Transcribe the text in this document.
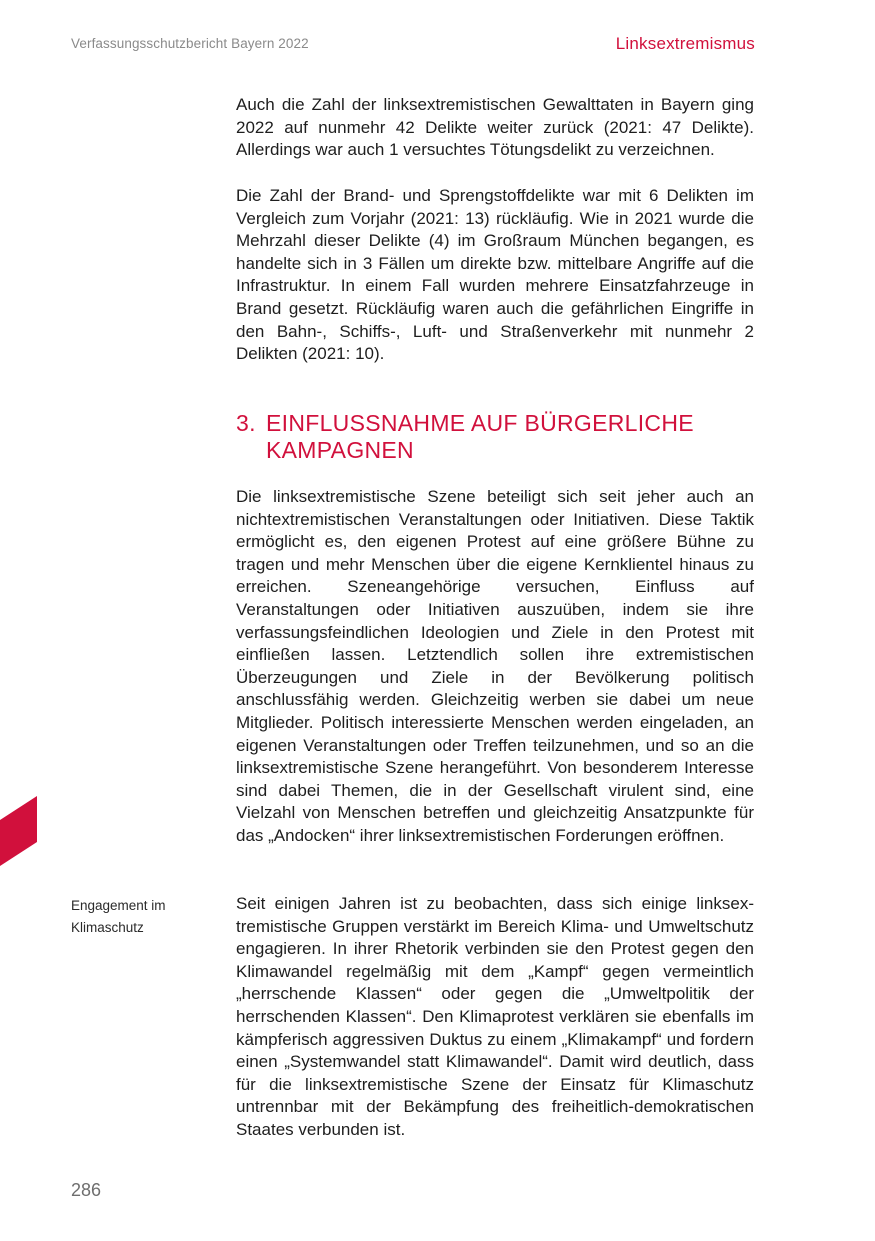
Verfassungsschutzbericht Bayern 2022	Linksextremismus

Auch die Zahl der linksextremistischen Gewalttaten in Bayern ging 2022 auf nunmehr 42 Delikte weiter zurück (2021: 47 Delikte). Allerdings war auch 1 versuchtes Tötungsdelikt zu verzeichnen.

Die Zahl der Brand- und Sprengstoffdelikte war mit 6 Delikten im Vergleich zum Vorjahr (2021: 13) rückläufig. Wie in 2021 wurde die Mehrzahl dieser Delikte (4) im Großraum München begangen, es handelte sich in 3 Fällen um direkte bzw. mittelbare Angriffe auf die Infrastruktur. In einem Fall wurden mehrere Einsatzfahrzeuge in Brand gesetzt. Rückläufig waren auch die gefährlichen Eingriffe in den Bahn-, Schiffs-, Luft- und Straßenverkehr mit nunmehr 2 Delikten (2021: 10).

3. EINFLUSSNAHME AUF BÜRGERLICHE KAMPAGNEN

Die linksextremistische Szene beteiligt sich seit jeher auch an nichtextremistischen Veranstaltungen oder Initiativen. Diese Taktik ermöglicht es, den eigenen Protest auf eine größere Bühne zu tragen und mehr Menschen über die eigene Kernklientel hinaus zu erreichen. Szeneangehörige versuchen, Einfluss auf Veranstaltungen oder Initiativen auszuüben, indem sie ihre verfassungsfeindlichen Ideologien und Ziele in den Protest mit einfließen lassen. Letztendlich sollen ihre extremistischen Überzeugungen und Ziele in der Bevölkerung politisch anschlussfähig werden. Gleichzeitig werben sie dabei um neue Mitglieder. Politisch interessierte Menschen werden eingeladen, an eigenen Veranstaltungen oder Treffen teilzunehmen, und so an die linksextremistische Szene herangeführt. Von besonderem Interesse sind dabei Themen, die in der Gesellschaft virulent sind, eine Vielzahl von Menschen betreffen und gleichzeitig Ansatzpunkte für das „Andocken“ ihrer linksextremistischen Forderungen eröffnen.

Engagement im Klimaschutz

Seit einigen Jahren ist zu beobachten, dass sich einige linksextremistische Gruppen verstärkt im Bereich Klima- und Umweltschutz engagieren. In ihrer Rhetorik verbinden sie den Protest gegen den Klimawandel regelmäßig mit dem „Kampf“ gegen vermeintlich „herrschende Klassen“ oder gegen die „Umweltpolitik der herrschenden Klassen“. Den Klimaprotest verklären sie ebenfalls im kämpferisch aggressiven Duktus zu einem „Klimakampf“ und fordern einen „Systemwandel statt Klimawandel“. Damit wird deutlich, dass für die linksextremistische Szene der Einsatz für Klimaschutz untrennbar mit der Bekämpfung des freiheitlich-demokratischen Staates verbunden ist.

286
